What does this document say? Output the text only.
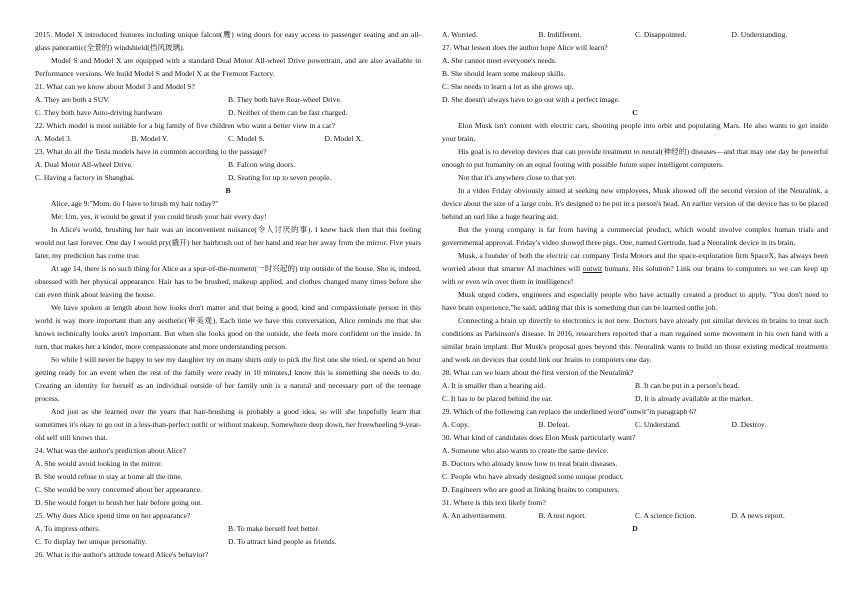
2015. Model X introduced features including unique falcon(鹰) wing doors for easy access to passenger seating and an all-glass panoramic(全景的) windshield(挡风玻璃).
Model S and Model X are equipped with a standard Dual Motor All-wheel Drive powertrain, and are also available in Performance versions. We build Model S and Model X at the Fremont Factory.
21. What can we know about Model 3 and Model S?
A. They are both a SUV.	B. They both have Rear-wheel Drive.
C. They both have Auto-driving hardware	D. Neither of them can be fast charged.
22. Which model is most suitable for a big family of five children who want a better view in a car?
A. Model 3.	B. Model Y.	C. Model S.	D. Model X.
23. What do all the Tesla models have in common according to the passage?
A. Dual Motor All-wheel Drive.	B. Falcon wing doors.
C. Having a factory in Shanghai.	D. Seating for up to seven people.
B
Alice, age 9:"Mom, do I have to brush my hair today?"
Me: Um, yes, it would be great if you could brush your hair every day!
In Alice's world, brushing her hair was an inconvenient nuisance(令人讨厌的事). I knew back then that this feeling would not last forever. One day I would pry(撬开) her hairbrush out of her hand and tear her away from the mirror. Five years later, my prediction has come true.
At age 14, there is no such thing for Alice as a spur-of-the-moment(一时兴起的) trip outside of the house. She is, indeed, obsessed with her physical appearance. Hair has to be brushed, makeup applied, and clothes changed many times before she can even think about leaving the house.
We have spoken at length about how looks don't matter and that being a good, kind and compassionate person in this world is way more important than any aesthetic(审美观). Each time we have this conversation, Alice reminds me that she knows technically looks aren't important. But when she looks good on the outside, she feels more confident on the inside. In turn, that makes her a kinder, more compassionate and more understanding person.
So while I will never be happy to see my daughter try on many shirts only to pick the first one she tried, or spend an hour getting ready for an event when the rest of the family were ready in 10 minutes,I know this is something she needs to do. Creating an identity for herself as an individual outside of her family unit is a natural and necessary part of the teenage process.
And just as she learned over the years that hair-brushing is probably a good idea, so will she hopefully learn that sometimes it's okay to go out in a less-than-perfect outfit or without makeup. Somewhere deep down, her freewheeling 9-year-old self still knows that.
24. What was the author's prediction about Alice?
A. She would avoid looking in the mirror.
B. She would refuse to stay at home all the time.
C. She would be very concerned about her appearance.
D. She would forget to brush her hair before going out.
25. Why does Alice spend time on her appearance?
A. To impress others.	B. To make herself feel better.
C. To display her unique personality.	D. To attract kind people as friends.
26. What is the author's attitude toward Alice's behavior?
A. Worried.	B. Indifferent.	C. Disappointed.	D. Understanding.
27. What lesson does the author hope Alice will learn?
A. She cannot meet everyone's needs.
B. She should learn some makeup skills.
C. She needs to learn a lot as she grows up.
D. She doesn't always have to go out with a perfect image.
C
Elon Musk isn't content with electric cars, shooting people into orbit and populating Mars. He also wants to get inside your brain.
His goal is to develop devices that can provide treatment to neural(神经的) diseases—and that may one day be powerful enough to put humanity on an equal footing with possible future super intelligent computers.
Not that it's anywhere close to that yet.
In a video Friday obviously aimed at seeking new employees, Musk showed off the second version of the Neuralink, a device about the size of a large coin. It's designed to be put in a person's head. An earlier version of the device has to be placed behind an earl like a huge hearing aid.
But the young company is far from having a commercial product, which would involve complex human trials and governmental approval. Friday's video showed three pigs. One, named Gertrude, had a Neuralink device in its brain.
Musk, a founder of both the electric car company Tesla Motors and the space-exploration firm SpaceX, has always been worried about that smarter AI machines will outwit humans. His solution? Link our brains to computers so we can keep up with or even win over them in intelligence!
Musk urged coders, engineers and especially people who have actually created a product to apply. "You don't need to have brain experience,"he said, adding that this is something that can be learned onthe job.
Connecting a brain up directly to electronics is not new. Doctors have already put similar devices in brains to treat such conditions as Parkinson's disease. In 2016, researchers reported that a man regained some movement in his own hand with a similar brain implant. But Musk's proposal goes beyond this. Neuralink wants to build on those existing medical treatments and work on devices that could link our brains to computers one day.
28. What can we learn about the first version of the Neuralink?
A. It is smaller than a hearing aid.	B. It can be put in a person's head.
C. It has to be placed behind the ear.	D. It is already available at the market.
29. Which of the following can replace the underlined word"outwit"in paragraph 6?
A. Copy.	B. Defeat.	C. Understand.	D. Destroy.
30. What kind of candidates does Elon Musk particularly want?
A. Someone who also wants to create the same device.
B. Doctors who already know how to treat brain diseases.
C. People who have already designed some unique product.
D. Engineers who are good at linking brains to computers.
31. Where is this text likely from?
A. An advertisement.	B. A test report.	C. A science fiction.	D. A news report.
D
